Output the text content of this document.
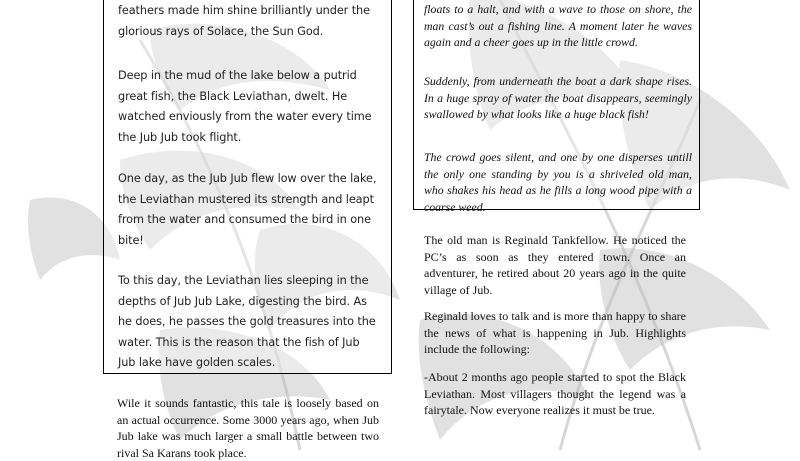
feathers made him shine brilliantly under the glorious rays of Solace, the Sun God.

Deep in the mud of the lake below a putrid great fish, the Black Leviathan, dwelt. He watched enviously from the water every time the Jub Jub took flight.

One day, as the Jub Jub flew low over the lake, the Leviathan mustered its strength and leapt from the water and consumed the bird in one bite!

To this day, the Leviathan lies sleeping in the depths of Jub Jub Lake, digesting the bird. As he does, he passes the gold treasures into the water. This is the reason that the fish of Jub Jub lake have golden scales.

Wile it sounds fantastic, this tale is loosely based on an actual occurrence. Some 3000 years ago, when Jub Jub lake was much larger a small battle between two rival Sa Karans took place.

floats to a halt, and with a wave to those on shore, the man cast’s out a fishing line. A moment later he waves again and a cheer goes up in the little crowd.

Suddenly, from underneath the boat a dark shape rises. In a huge spray of water the boat disappears, seemingly swallowed by what looks like a huge black fish!

The crowd goes silent, and one by one disperses untill the only one standing by you is a shriveled old man, who shakes his head as he fills a long wood pipe with a coarse weed.

The old man is Reginald Tankfellow. He noticed the PC’s as soon as they entered town. Once an adventurer, he retired about 20 years ago in the quite village of Jub.

Reginald loves to talk and is more than happy to share the news of what is happening in Jub. Highlights include the following:

-About 2 months ago people started to spot the Black Leviathan. Most villagers thought the legend was a fairytale. Now everyone realizes it must be true.
